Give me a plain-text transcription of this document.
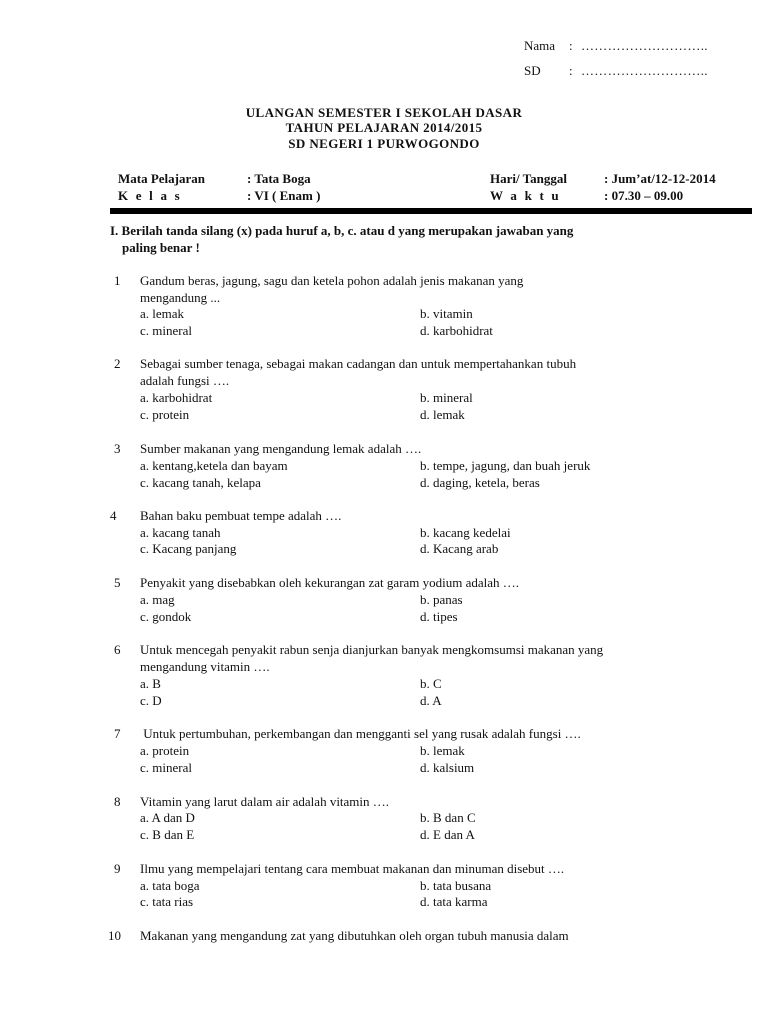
Nama : ………………………..
SD : ………………………..
ULANGAN SEMESTER I SEKOLAH DASAR
TAHUN PELAJARAN 2014/2015
SD NEGERI 1 PURWOGONDO
Mata Pelajaran	: Tata Boga	Hari/ Tanggal	: Jum’at/12-12-2014
K e l a s	: VI ( Enam )	W a k t u	: 07.30 – 09.00
I. Berilah tanda silang (x) pada huruf a, b, c. atau d yang merupakan jawaban yang
paling benar !
1 Gandum beras, jagung, sagu dan ketela pohon adalah jenis makanan yang
mengandung ...
a. lemak	b. vitamin
c. mineral	d. karbohidrat
2 Sebagai sumber tenaga, sebagai makan cadangan dan untuk mempertahankan tubuh
adalah fungsi ….
a. karbohidrat	b. mineral
c. protein	d. lemak
3 Sumber makanan yang mengandung lemak adalah ….
a. kentang,ketela dan bayam	b. tempe, jagung, dan buah jeruk
c. kacang tanah, kelapa	d. daging, ketela, beras
4 Bahan baku pembuat tempe adalah ….
a. kacang tanah	b. kacang kedelai
c. Kacang panjang	d. Kacang arab
5 Penyakit yang disebabkan oleh kekurangan zat garam yodium adalah ….
a. mag	b. panas
c. gondok	d. tipes
6 Untuk mencegah penyakit rabun senja dianjurkan banyak mengkomsumsi makanan yang
mengandung vitamin ….
a. B	b. C
c. D	d. A
7 Untuk pertumbuhan, perkembangan dan mengganti sel yang rusak adalah fungsi ….
a. protein	b. lemak
c. mineral	d. kalsium
8 Vitamin yang larut dalam air adalah vitamin ….
a. A dan D	b. B dan C
c. B dan E	d. E dan A
9 Ilmu yang mempelajari tentang cara membuat makanan dan minuman disebut ….
a. tata boga	b. tata busana
c. tata rias	d. tata karma
10 Makanan yang mengandung zat yang dibutuhkan oleh organ tubuh manusia dalam
